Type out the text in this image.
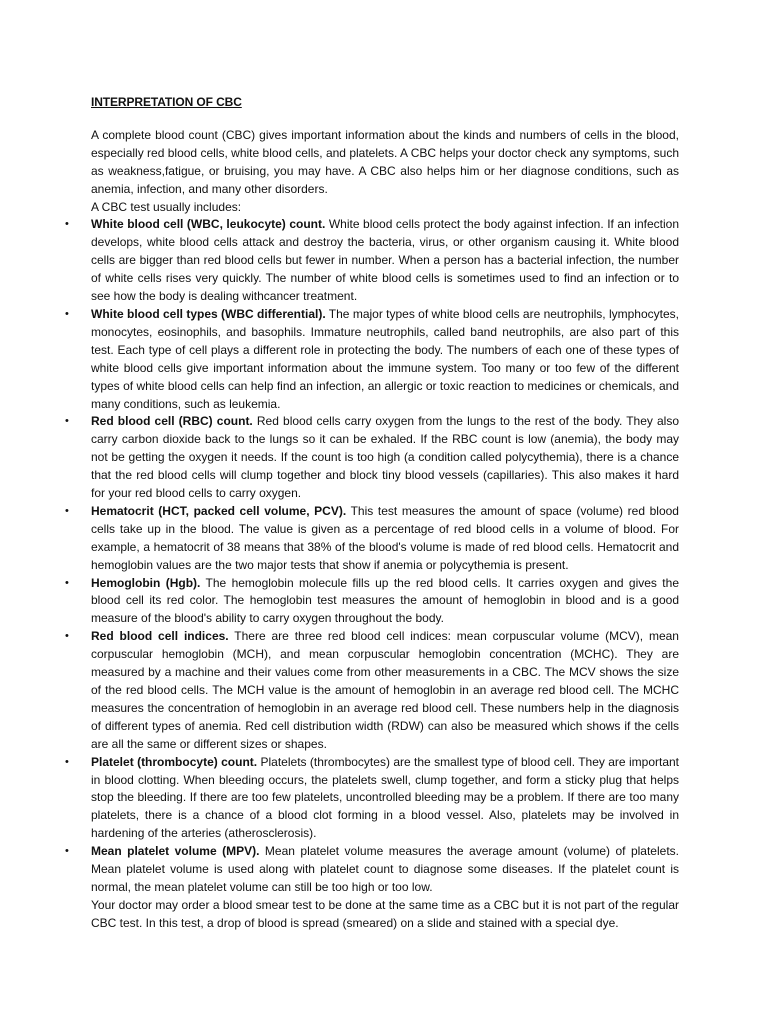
INTERPRETATION OF CBC

A complete blood count (CBC) gives important information about the kinds and numbers of cells in the blood, especially red blood cells, white blood cells, and platelets. A CBC helps your doctor check any symptoms, such as weakness,fatigue, or bruising, you may have. A CBC also helps him or her diagnose conditions, such as anemia, infection, and many other disorders.

A CBC test usually includes:

• White blood cell (WBC, leukocyte) count. White blood cells protect the body against infection. If an infection develops, white blood cells attack and destroy the bacteria, virus, or other organism causing it. White blood cells are bigger than red blood cells but fewer in number. When a person has a bacterial infection, the number of white cells rises very quickly. The number of white blood cells is sometimes used to find an infection or to see how the body is dealing withcancer treatment.

• White blood cell types (WBC differential). The major types of white blood cells are neutrophils, lymphocytes, monocytes, eosinophils, and basophils. Immature neutrophils, called band neutrophils, are also part of this test. Each type of cell plays a different role in protecting the body. The numbers of each one of these types of white blood cells give important information about the immune system. Too many or too few of the different types of white blood cells can help find an infection, an allergic or toxic reaction to medicines or chemicals, and many conditions, such as leukemia.

• Red blood cell (RBC) count. Red blood cells carry oxygen from the lungs to the rest of the body. They also carry carbon dioxide back to the lungs so it can be exhaled. If the RBC count is low (anemia), the body may not be getting the oxygen it needs. If the count is too high (a condition called polycythemia), there is a chance that the red blood cells will clump together and block tiny blood vessels (capillaries). This also makes it hard for your red blood cells to carry oxygen.

• Hematocrit (HCT, packed cell volume, PCV). This test measures the amount of space (volume) red blood cells take up in the blood. The value is given as a percentage of red blood cells in a volume of blood. For example, a hematocrit of 38 means that 38% of the blood's volume is made of red blood cells. Hematocrit and hemoglobin values are the two major tests that show if anemia or polycythemia is present.

• Hemoglobin (Hgb). The hemoglobin molecule fills up the red blood cells. It carries oxygen and gives the blood cell its red color. The hemoglobin test measures the amount of hemoglobin in blood and is a good measure of the blood's ability to carry oxygen throughout the body.

• Red blood cell indices. There are three red blood cell indices: mean corpuscular volume (MCV), mean corpuscular hemoglobin (MCH), and mean corpuscular hemoglobin concentration (MCHC). They are measured by a machine and their values come from other measurements in a CBC. The MCV shows the size of the red blood cells. The MCH value is the amount of hemoglobin in an average red blood cell. The MCHC measures the concentration of hemoglobin in an average red blood cell. These numbers help in the diagnosis of different types of anemia. Red cell distribution width (RDW) can also be measured which shows if the cells are all the same or different sizes or shapes.

• Platelet (thrombocyte) count. Platelets (thrombocytes) are the smallest type of blood cell. They are important in blood clotting. When bleeding occurs, the platelets swell, clump together, and form a sticky plug that helps stop the bleeding. If there are too few platelets, uncontrolled bleeding may be a problem. If there are too many platelets, there is a chance of a blood clot forming in a blood vessel. Also, platelets may be involved in hardening of the arteries (atherosclerosis).

• Mean platelet volume (MPV). Mean platelet volume measures the average amount (volume) of platelets. Mean platelet volume is used along with platelet count to diagnose some diseases. If the platelet count is normal, the mean platelet volume can still be too high or too low.

Your doctor may order a blood smear test to be done at the same time as a CBC but it is not part of the regular CBC test. In this test, a drop of blood is spread (smeared) on a slide and stained with a special dye.
